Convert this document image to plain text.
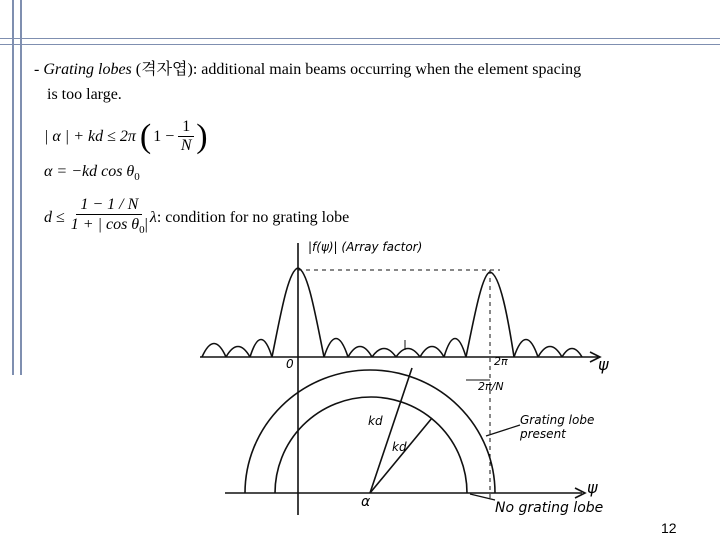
- Grating lobes (격자엽): additional main beams occurring when the element spacing
is too large.
| α | + kd ≤ 2π ( $1 - \frac{1}{N}$ )
α = −kd $\cos \theta_0$
$d \le \frac{1 - 1 / N}{1 + | \cos \theta_0|}$ λ : condition for no grating lobe
|f(ψ)| (Array factor)
ψ
ψ
0	2π
2π/N
kd
kd
α
Grating lobe
present
No grating lobe
12
